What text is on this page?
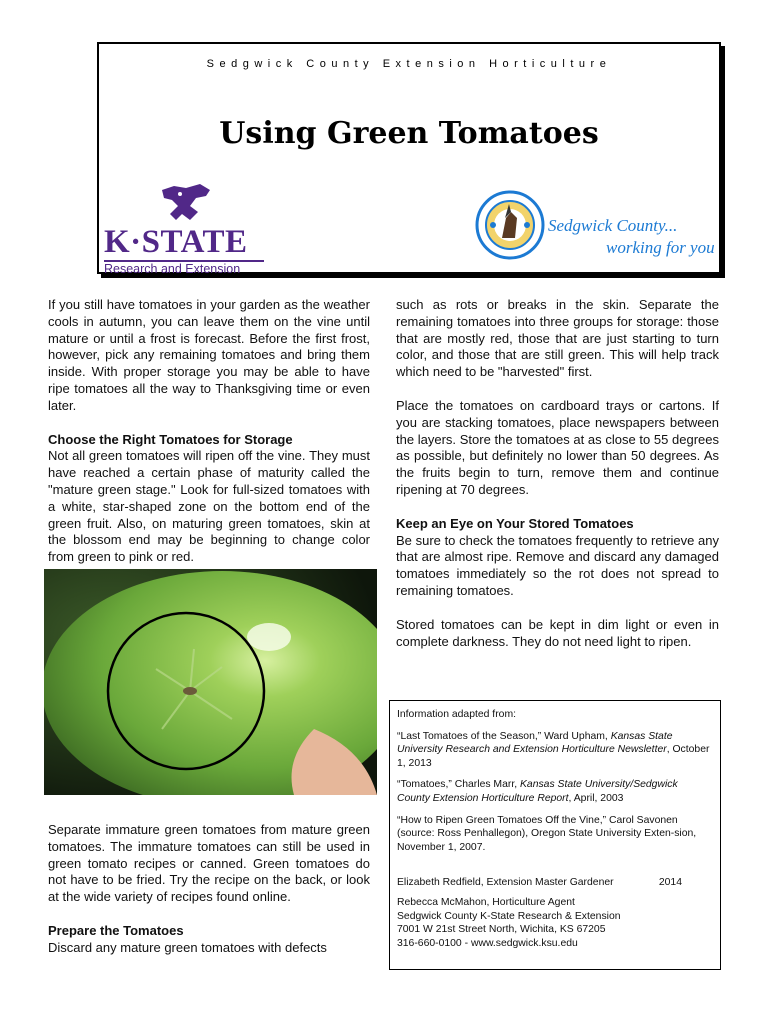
Sedgwick County Extension Horticulture
Using Green Tomatoes
K·STATE
Research and Extension
Sedgwick County...
working for you

If you still have tomatoes in your garden as the weather cools in autumn, you can leave them on the vine until mature or until a frost is forecast. Before the first frost, however, pick any remaining tomatoes and bring them inside. With proper storage you may be able to have ripe tomatoes all the way to Thanksgiving time or even later.

Choose the Right Tomatoes for Storage

Not all green tomatoes will ripen off the vine. They must have reached a certain phase of maturity called the "mature green stage." Look for full-sized tomatoes with a white, star-shaped zone on the bottom end of the green fruit. Also, on maturing green tomatoes, skin at the blossom end may be beginning to change color from green to pink or red.

Separate immature green tomatoes from mature green tomatoes. The immature tomatoes can still be used in green tomato recipes or canned. Green tomatoes do not have to be fried. Try the recipe on the back, or look at the wide variety of recipes found online.

Prepare the Tomatoes

Discard any mature green tomatoes with defects

such as rots or breaks in the skin. Separate the remaining tomatoes into three groups for storage: those that are mostly red, those that are just starting to turn color, and those that are still green. This will help track which need to be "harvested" first.

Place the tomatoes on cardboard trays or cartons. If you are stacking tomatoes, place newspapers between the layers. Store the tomatoes at as close to 55 degrees as possible, but definitely no lower than 50 degrees. As the fruits begin to turn, remove them and continue ripening at 70 degrees.

Keep an Eye on Your Stored Tomatoes

Be sure to check the tomatoes frequently to retrieve any that are almost ripe. Remove and discard any damaged tomatoes immediately so the rot does not spread to remaining tomatoes.

Stored tomatoes can be kept in dim light or even in complete darkness. They do not need light to ripen.

Information adapted from:

“Last Tomatoes of the Season,” Ward Upham, Kansas State University Research and Extension Horticulture Newsletter, October 1, 2013

“Tomatoes,” Charles Marr, Kansas State University/Sedgwick County Extension Horticulture Report, April, 2003

“How to Ripen Green Tomatoes Off the Vine,” Carol Savonen (source: Ross Penhallegon), Oregon State University Exten-sion, November 1, 2007.

Elizabeth Redfield, Extension Master Gardener	2014

Rebecca McMahon, Horticulture Agent

Sedgwick County K-State Research & Extension

7001 W 21st Street North, Wichita, KS 67205

316-660-0100 - www.sedgwick.ksu.edu
